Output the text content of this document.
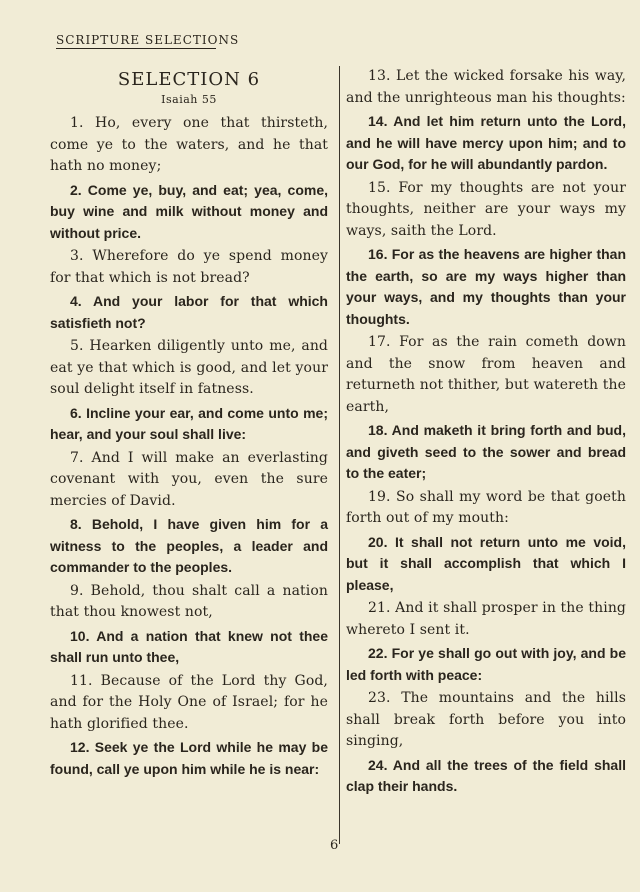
SCRIPTURE SELECTIONS
SELECTION 6
Isaiah 55

1. Ho, every one that thirsteth, come ye to the waters, and he that hath no money;

2. Come ye, buy, and eat; yea, come, buy wine and milk without money and without price.

3. Wherefore do ye spend money for that which is not bread?

4. And your labor for that which satisfieth not?

5. Hearken diligently unto me, and eat ye that which is good, and let your soul delight itself in fatness.

6. Incline your ear, and come unto me; hear, and your soul shall live:

7. And I will make an everlasting covenant with you, even the sure mercies of David.

8. Behold, I have given him for a witness to the peoples, a leader and commander to the peoples.

9. Behold, thou shalt call a nation that thou knowest not,

10. And a nation that knew not thee shall run unto thee,

11. Because of the Lord thy God, and for the Holy One of Israel; for he hath glorified thee.

12. Seek ye the Lord while he may be found, call ye upon him while he is near:

13. Let the wicked forsake his way, and the unrighteous man his thoughts:

14. And let him return unto the Lord, and he will have mercy upon him; and to our God, for he will abundantly pardon.

15. For my thoughts are not your thoughts, neither are your ways my ways, saith the Lord.

16. For as the heavens are higher than the earth, so are my ways higher than your ways, and my thoughts than your thoughts.

17. For as the rain cometh down and the snow from heaven and returneth not thither, but watereth the earth,

18. And maketh it bring forth and bud, and giveth seed to the sower and bread to the eater;

19. So shall my word be that goeth forth out of my mouth:

20. It shall not return unto me void, but it shall accomplish that which I please,

21. And it shall prosper in the thing whereto I sent it.

22. For ye shall go out with joy, and be led forth with peace:

23. The mountains and the hills shall break forth before you into singing,

24. And all the trees of the field shall clap their hands.

6
